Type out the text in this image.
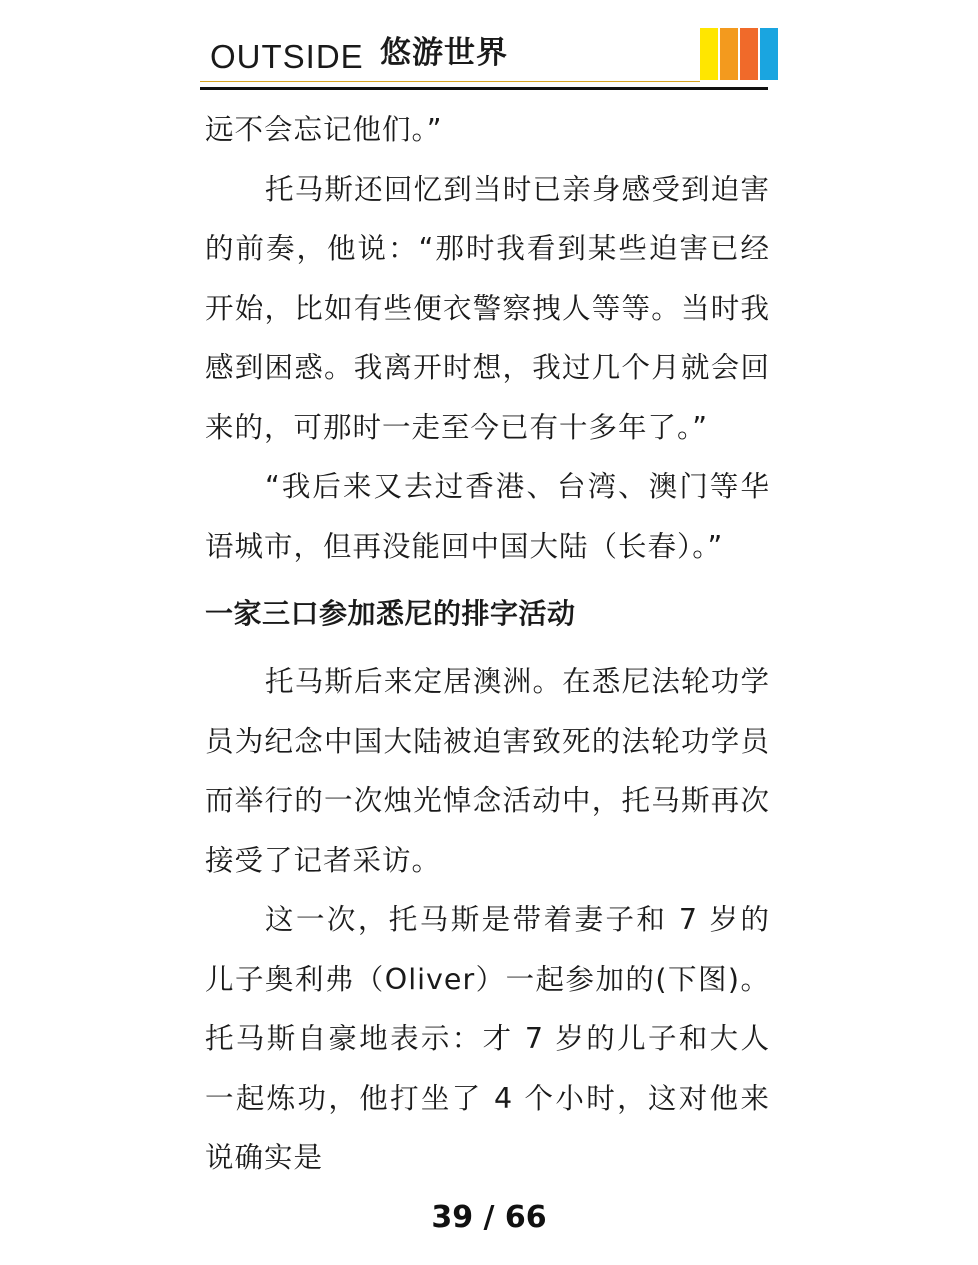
OUTSIDE 悠游世界

远不会忘记他们。”

托马斯还回忆到当时已亲身感受到迫害的前奏，他说：“那时我看到某些迫害已经开始，比如有些便衣警察拽人等等。当时我感到困惑。我离开时想，我过几个月就会回来的，可那时一走至今已有十多年了。”

“我后来又去过香港、台湾、澳门等华语城市，但再没能回中国大陆（长春）。”

一家三口参加悉尼的排字活动

托马斯后来定居澳洲。在悉尼法轮功学员为纪念中国大陆被迫害致死的法轮功学员而举行的一次烛光悼念活动中，托马斯再次接受了记者采访。

这一次，托马斯是带着妻子和 7 岁的儿子奥利弗（Oliver）一起参加的(下图)。托马斯自豪地表示：才 7 岁的儿子和大人一起炼功，他打坐了 4 个小时，这对他来说确实是

39 / 66
